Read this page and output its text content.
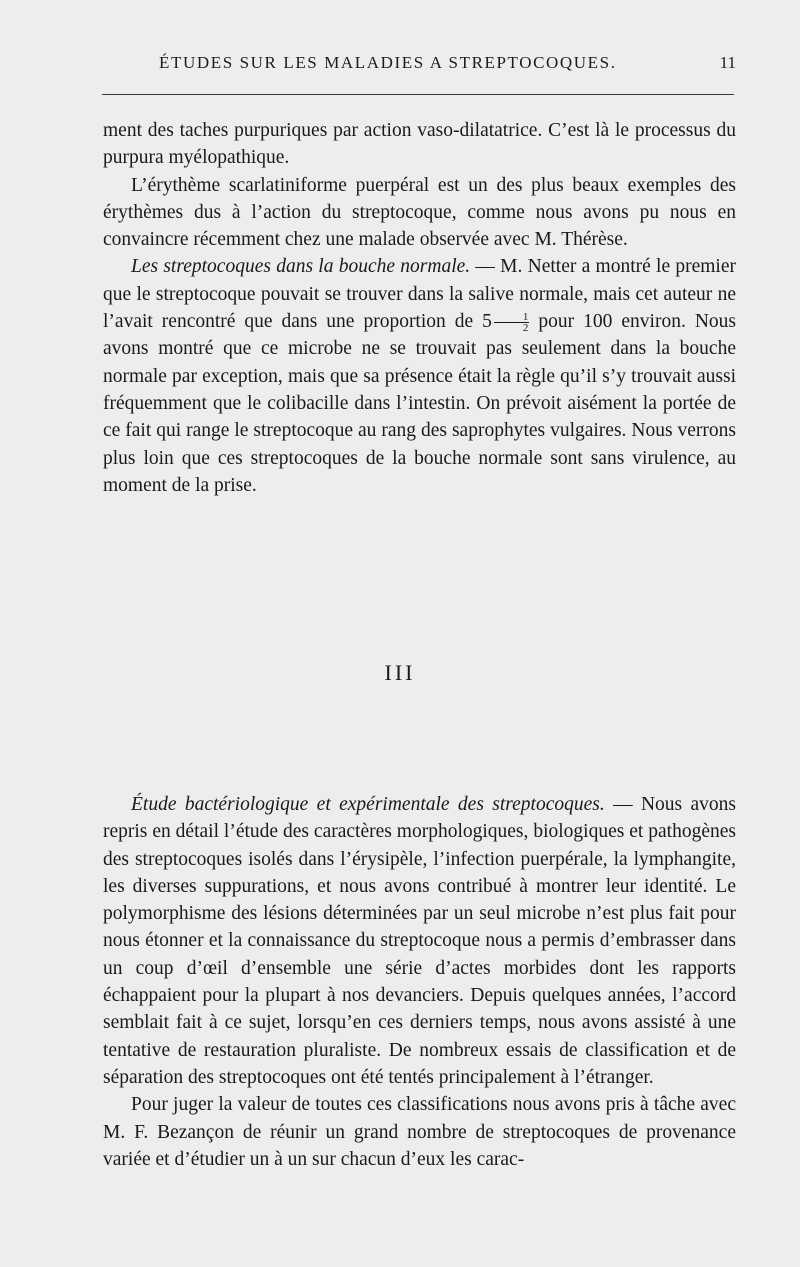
ÉTUDES SUR LES MALADIES A STREPTOCOQUES.	11

ment des taches purpuriques par action vaso-dilatatrice. C’est là le processus du purpura myélopathique.

L’érythème scarlatiniforme puerpéral est un des plus beaux exemples des érythèmes dus à l’action du streptocoque, comme nous avons pu nous en convaincre récemment chez une malade observée avec M. Thérèse.

Les streptocoques dans la bouche normale. — M. Netter a montré le premier que le streptocoque pouvait se trouver dans la salive normale, mais cet auteur ne l’avait rencontré que dans une proportion de $5 \frac{1}{2}$ pour 100 environ. Nous avons montré que ce microbe ne se trouvait pas seulement dans la bouche normale par exception, mais que sa présence était la règle qu’il s’y trouvait aussi fréquemment que le colibacille dans l’intestin. On prévoit aisément la portée de ce fait qui range le streptocoque au rang des saprophytes vulgaires. Nous verrons plus loin que ces streptocoques de la bouche normale sont sans virulence, au moment de la prise.

III

Étude bactériologique et expérimentale des streptocoques. — Nous avons repris en détail l’étude des caractères morphologiques, biologiques et pathogènes des streptocoques isolés dans l’érysipèle, l’infection puerpérale, la lymphangite, les diverses suppurations, et nous avons contribué à montrer leur identité. Le polymorphisme des lésions déterminées par un seul microbe n’est plus fait pour nous étonner et la connaissance du streptocoque nous a permis d’embrasser dans un coup d’œil d’ensemble une série d’actes morbides dont les rapports échappaient pour la plupart à nos devanciers. Depuis quelques années, l’accord semblait fait à ce sujet, lorsqu’en ces derniers temps, nous avons assisté à une tentative de restauration pluraliste. De nombreux essais de classification et de séparation des streptocoques ont été tentés principalement à l’étranger.

Pour juger la valeur de toutes ces classifications nous avons pris à tâche avec M. F. Bezançon de réunir un grand nombre de streptocoques de provenance variée et d’étudier un à un sur chacun d’eux les carac-
